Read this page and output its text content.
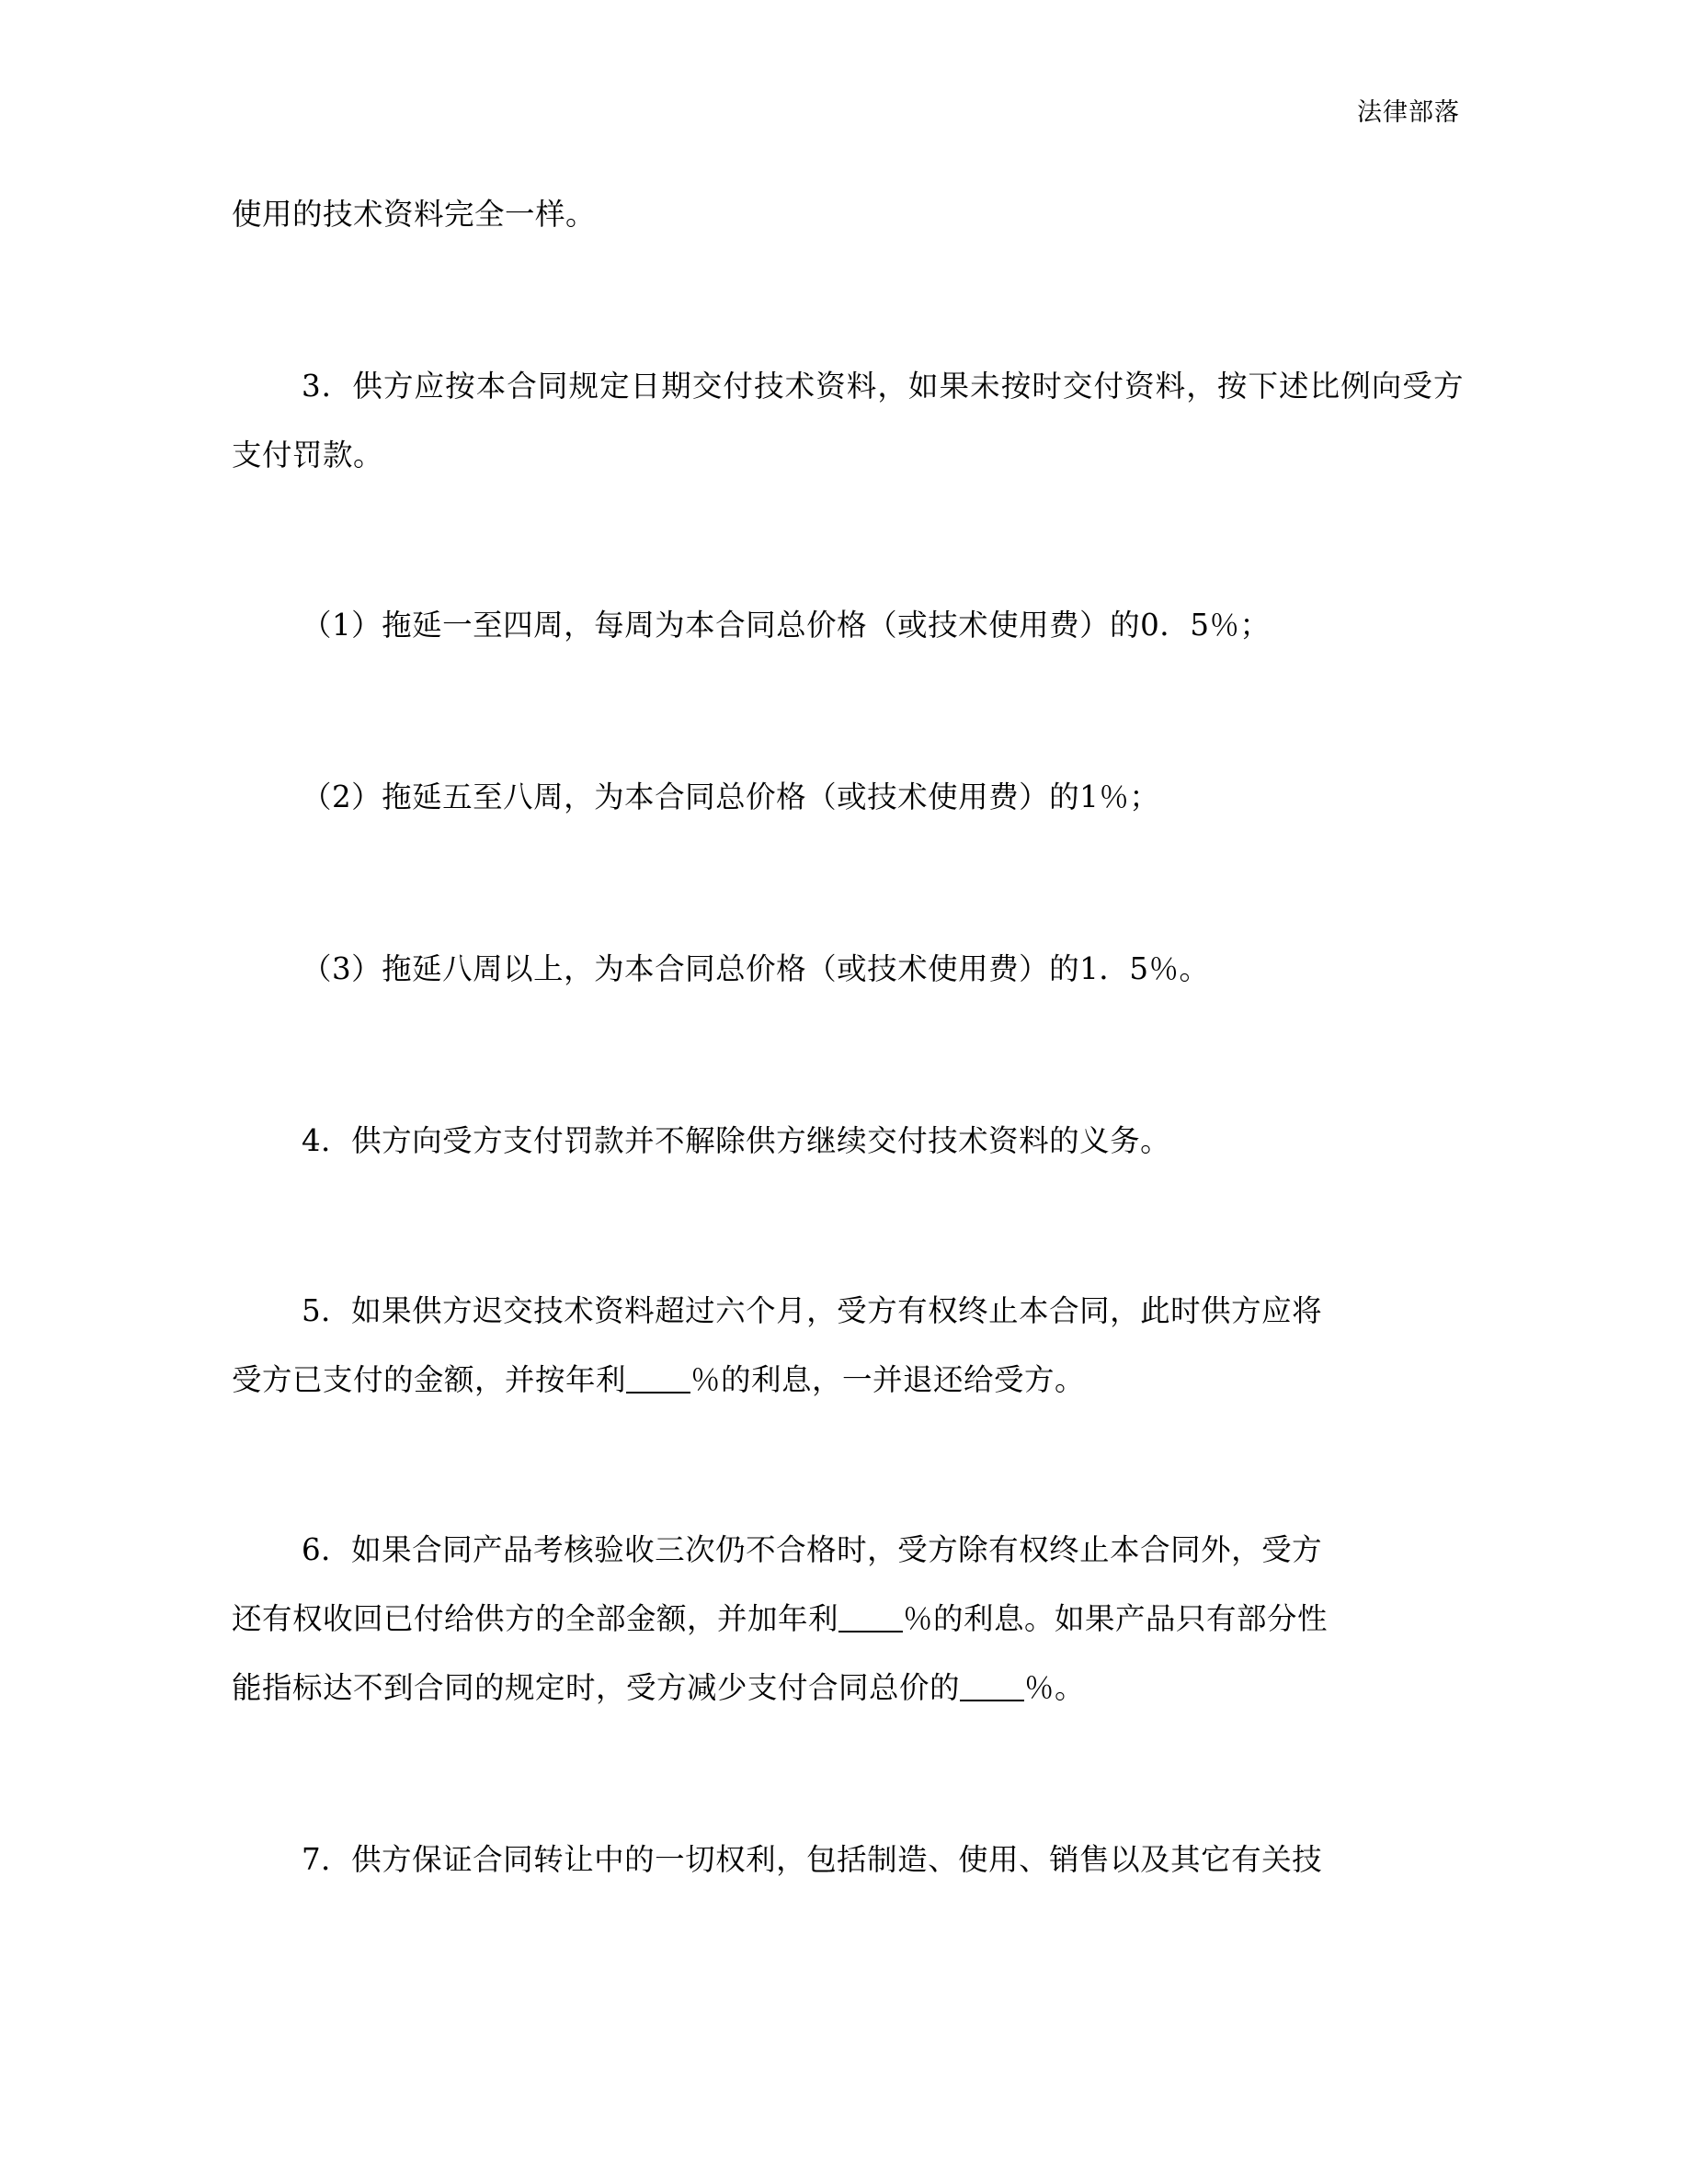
法律部落

使用的技术资料完全一样。

3．供方应按本合同规定日期交付技术资料，如果未按时交付资料，按下述比例向受方支付罚款。

（1）拖延一至四周，每周为本合同总价格（或技术使用费）的0．5％；

（2）拖延五至八周，为本合同总价格（或技术使用费）的1％；

（3）拖延八周以上，为本合同总价格（或技术使用费）的1．5％。

4．供方向受方支付罚款并不解除供方继续交付技术资料的义务。

5．如果供方迟交技术资料超过六个月，受方有权终止本合同，此时供方应将

受方已支付的金额，并按年利 ％的利息，一并退还给受方。

6．如果合同产品考核验收三次仍不合格时，受方除有权终止本合同外，受方

还有权收回已付给供方的全部金额，并加年利 ％的利息。如果产品只有部分性

能指标达不到合同的规定时，受方减少支付合同总价的 ％。

7．供方保证合同转让中的一切权利，包括制造、使用、销售以及其它有关技
